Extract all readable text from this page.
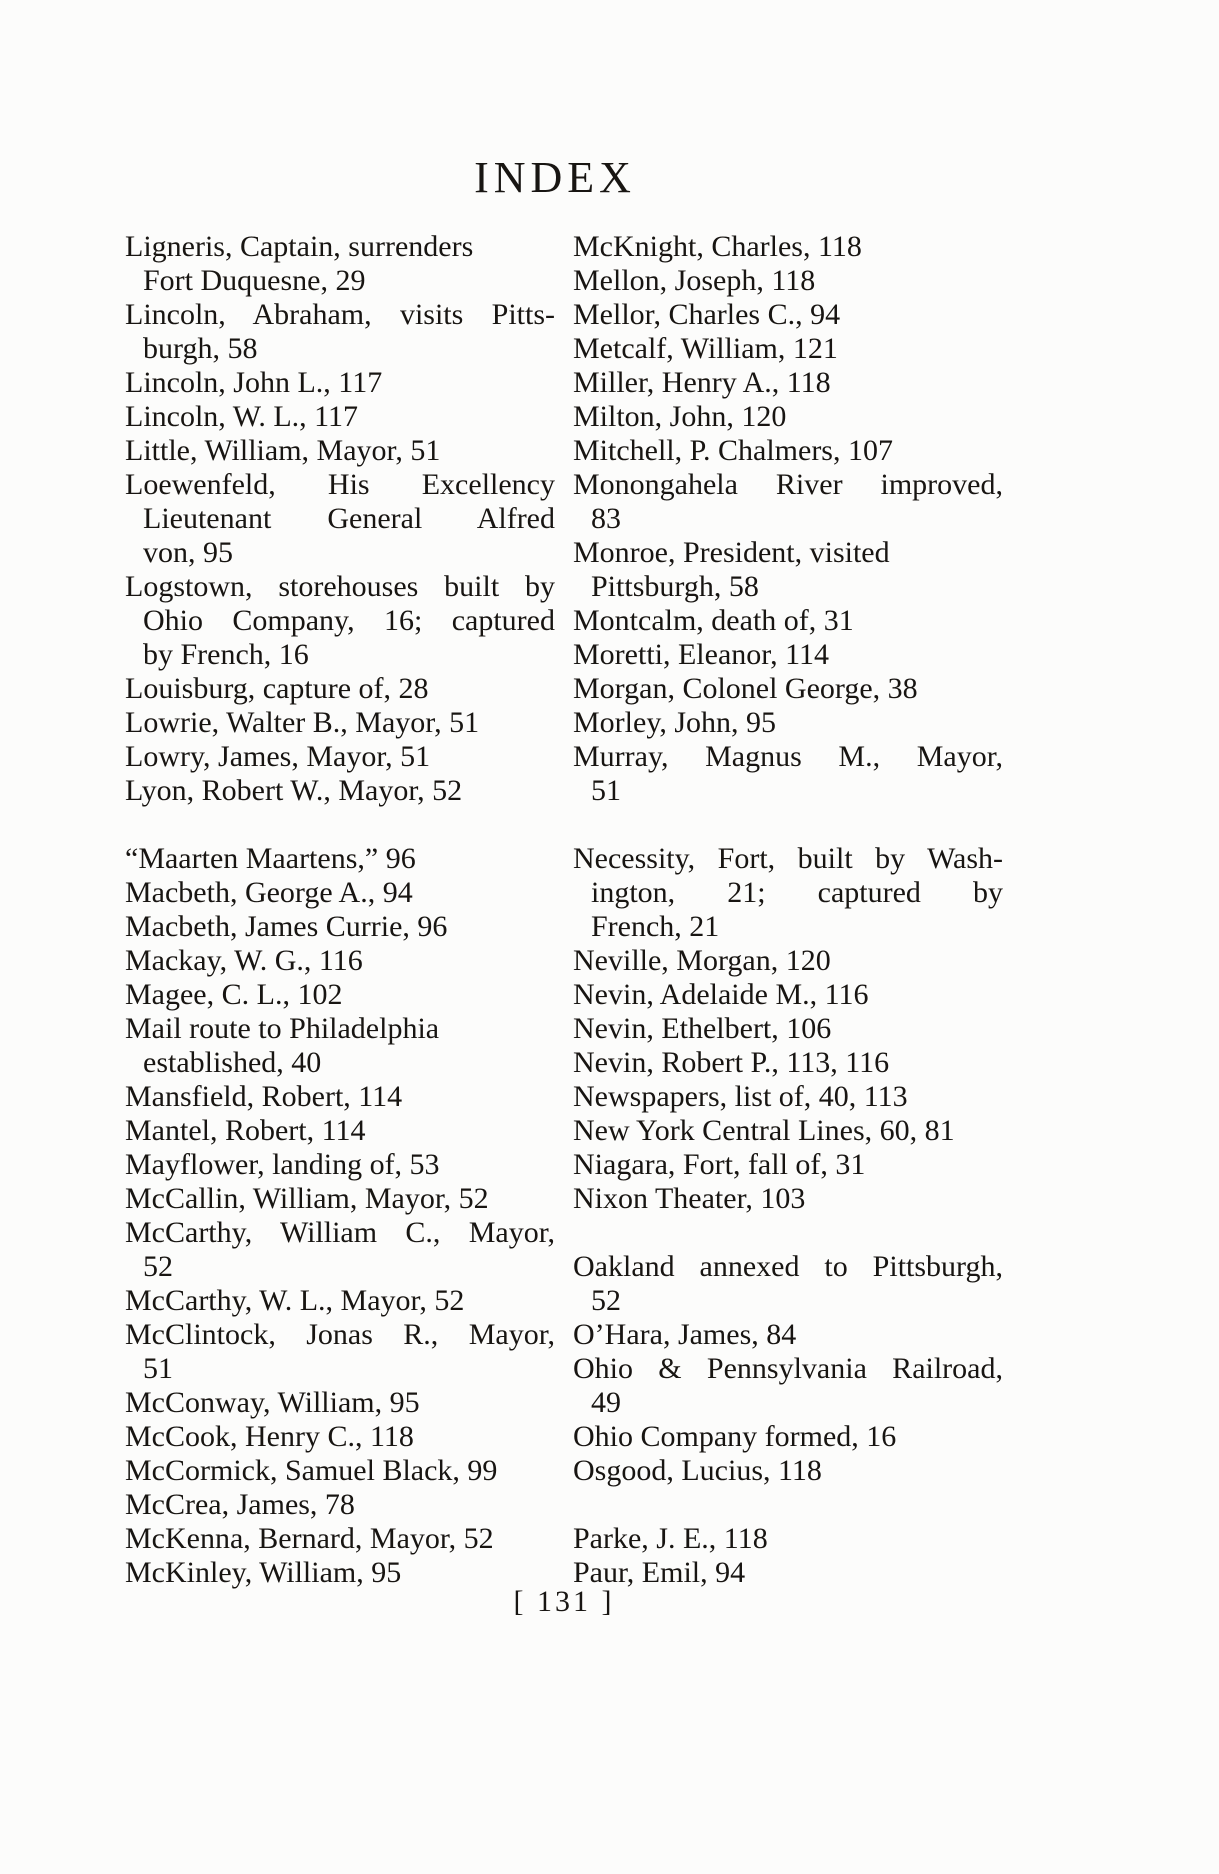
INDEX
Ligneris, Captain, surrenders
Fort Duquesne, 29
Lincoln, Abraham, visits Pitts-
burgh, 58
Lincoln, John L., 117
Lincoln, W. L., 117
Little, William, Mayor, 51
Loewenfeld, His Excellency
Lieutenant General Alfred
von, 95
Logstown, storehouses built by
Ohio Company, 16; captured
by French, 16
Louisburg, capture of, 28
Lowrie, Walter B., Mayor, 51
Lowry, James, Mayor, 51
Lyon, Robert W., Mayor, 52
“Maarten Maartens,” 96
Macbeth, George A., 94
Macbeth, James Currie, 96
Mackay, W. G., 116
Magee, C. L., 102
Mail route to Philadelphia
established, 40
Mansfield, Robert, 114
Mantel, Robert, 114
Mayflower, landing of, 53
McCallin, William, Mayor, 52
McCarthy, William C., Mayor,
52
McCarthy, W. L., Mayor, 52
McClintock, Jonas R., Mayor,
51
McConway, William, 95
McCook, Henry C., 118
McCormick, Samuel Black, 99
McCrea, James, 78
McKenna, Bernard, Mayor, 52
McKinley, William, 95
McKnight, Charles, 118
Mellon, Joseph, 118
Mellor, Charles C., 94
Metcalf, William, 121
Miller, Henry A., 118
Milton, John, 120
Mitchell, P. Chalmers, 107
Monongahela River improved,
83
Monroe, President, visited
Pittsburgh, 58
Montcalm, death of, 31
Moretti, Eleanor, 114
Morgan, Colonel George, 38
Morley, John, 95
Murray, Magnus M., Mayor,
51
Necessity, Fort, built by Wash-
ington, 21; captured by
French, 21
Neville, Morgan, 120
Nevin, Adelaide M., 116
Nevin, Ethelbert, 106
Nevin, Robert P., 113, 116
Newspapers, list of, 40, 113
New York Central Lines, 60, 81
Niagara, Fort, fall of, 31
Nixon Theater, 103
Oakland annexed to Pittsburgh,
52
O’Hara, James, 84
Ohio & Pennsylvania Railroad,
49
Ohio Company formed, 16
Osgood, Lucius, 118
Parke, J. E., 118
Paur, Emil, 94
[ 131 ]
